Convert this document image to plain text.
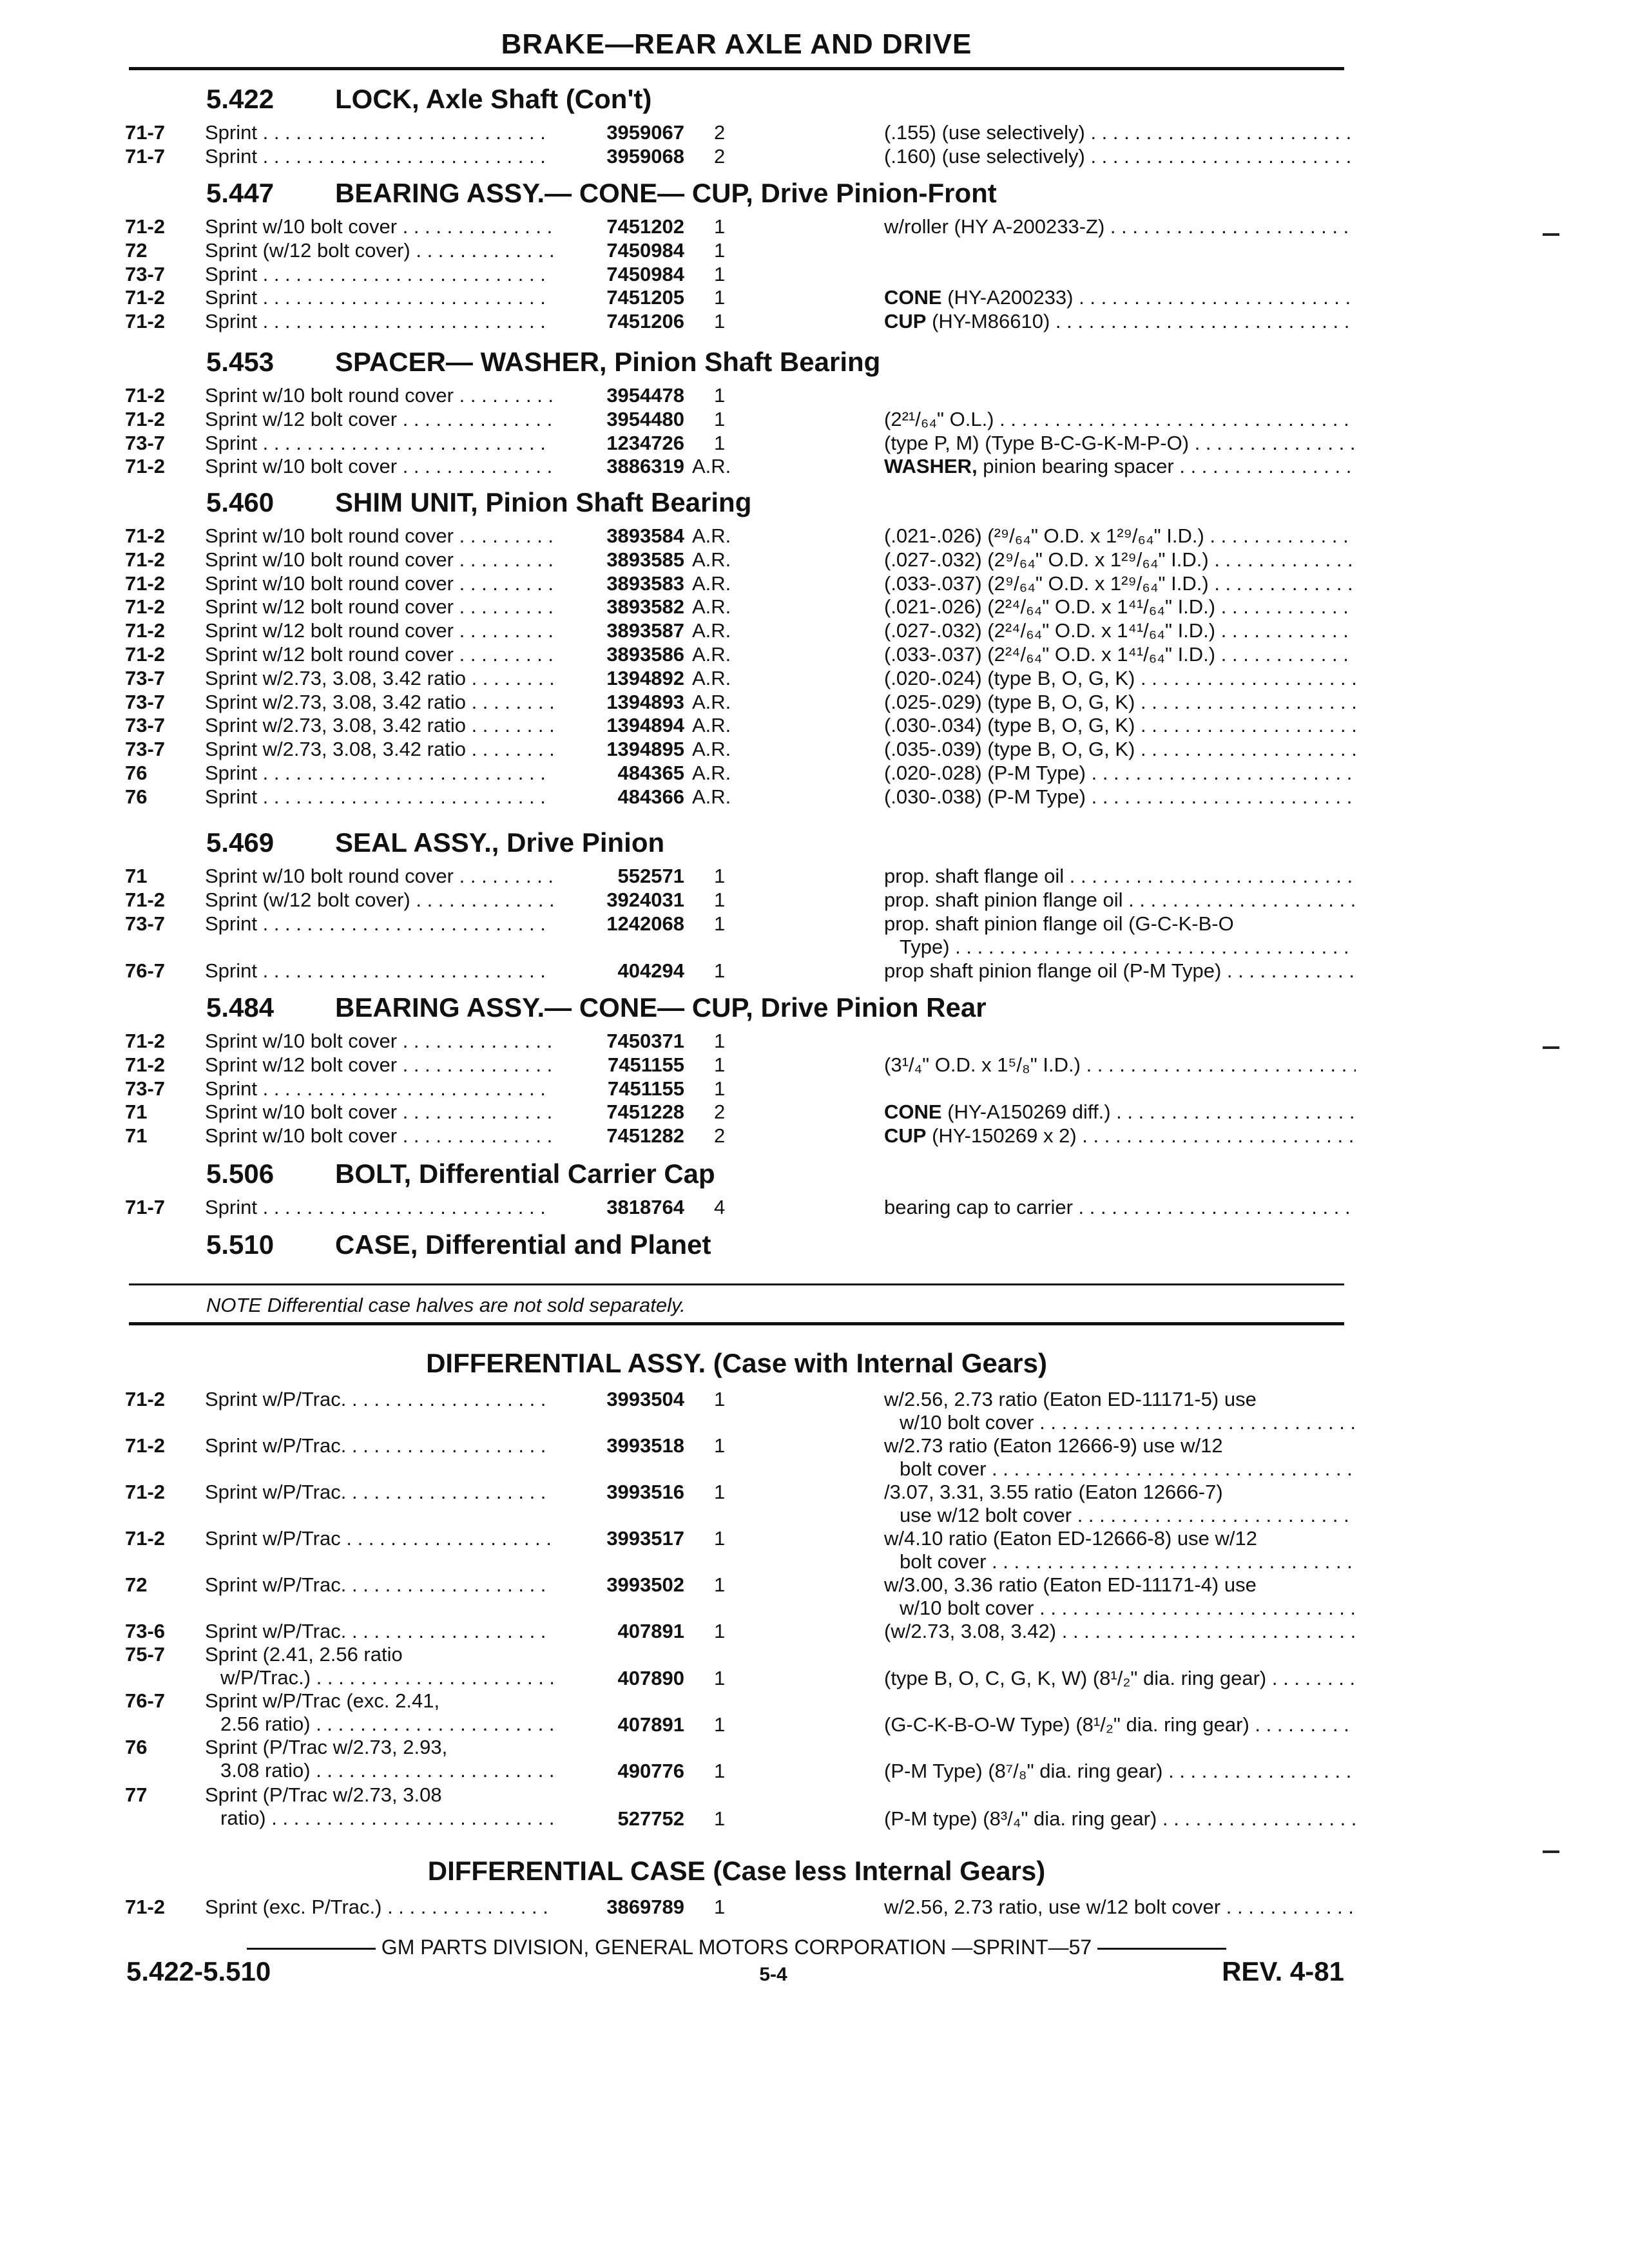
BRAKE—REAR AXLE AND DRIVE
5.422 LOCK, Axle Shaft (Con't)
71-7	Sprint . . .	3959067	2	(.155) (use selectively) . . .
71-7	Sprint . . .	3959068	2	(.160) (use selectively) . . .
5.447 BEARING ASSY.— CONE— CUP, Drive Pinion-Front
71-2	Sprint w/10 bolt cover . . .	7451202	1	w/roller (HY A-200233-Z) . . .
72	Sprint (w/12 bolt cover) . . .	7450984	1
73-7	Sprint . . .	7450984	1
71-2	Sprint . . .	7451205	1	CONE (HY-A200233) . . .
71-2	Sprint . . .	7451206	1	CUP (HY-M86610) . . .
5.453 SPACER— WASHER, Pinion Shaft Bearing
71-2	Sprint w/10 bolt round cover . . .	3954478	1
71-2	Sprint w/12 bolt cover . . .	3954480	1	(2²¹/₆₄" O.L.) . . .
73-7	Sprint . . .	1234726	1	(type P, M) (Type B-C-G-K-M-P-O) . . .
71-2	Sprint w/10 bolt cover . . .	3886319 A.R.	WASHER, pinion bearing spacer . . .
5.460 SHIM UNIT, Pinion Shaft Bearing
71-2	Sprint w/10 bolt round cover . . .	3893584 A.R.	(.021-.026) (²⁹/₆₄" O.D. x 1²⁹/₆₄" I.D.) . . .
71-2	Sprint w/10 bolt round cover . . .	3893585 A.R.	(.027-.032) (2⁹/₆₄" O.D. x 1²⁹/₆₄" I.D.) . . .
71-2	Sprint w/10 bolt round cover . . .	3893583 A.R.	(.033-.037) (2⁹/₆₄" O.D. x 1²⁹/₆₄" I.D.) . . .
71-2	Sprint w/12 bolt round cover . . .	3893582 A.R.	(.021-.026) (2²⁴/₆₄" O.D. x 1⁴¹/₆₄" I.D.) . . .
71-2	Sprint w/12 bolt round cover . . .	3893587 A.R.	(.027-.032) (2²⁴/₆₄" O.D. x 1⁴¹/₆₄" I.D.) . . .
71-2	Sprint w/12 bolt round cover . . .	3893586 A.R.	(.033-.037) (2²⁴/₆₄" O.D. x 1⁴¹/₆₄" I.D.) . . .
73-7	Sprint w/2.73, 3.08, 3.42 ratio . . .	1394892 A.R.	(.020-.024) (type B, O, G, K) . . .
73-7	Sprint w/2.73, 3.08, 3.42 ratio . . .	1394893 A.R.	(.025-.029) (type B, O, G, K) . . .
73-7	Sprint w/2.73, 3.08, 3.42 ratio . . .	1394894 A.R.	(.030-.034) (type B, O, G, K) . . .
73-7	Sprint w/2.73, 3.08, 3.42 ratio . . .	1394895 A.R.	(.035-.039) (type B, O, G, K) . . .
76	Sprint . . .	484365 A.R.	(.020-.028) (P-M Type) . . .
76	Sprint . . .	484366 A.R.	(.030-.038) (P-M Type) . . .
5.469 SEAL ASSY., Drive Pinion
71	Sprint w/10 bolt round cover . . .	552571	1	prop. shaft flange oil . . .
71-2	Sprint (w/12 bolt cover) . . .	3924031	1	prop. shaft pinion flange oil . . .
73-7	Sprint . . .	1242068	1	prop. shaft pinion flange oil (G-C-K-B-O
Type) . . .
76-7	Sprint . . .	404294	1	prop shaft pinion flange oil (P-M Type) . . .
5.484 BEARING ASSY.— CONE— CUP, Drive Pinion Rear
71-2	Sprint w/10 bolt cover . . .	7450371	1
71-2	Sprint w/12 bolt cover . . .	7451155	1	(3¹/₄" O.D. x 1⁵/₈" I.D.) . . .
73-7	Sprint . . .	7451155	1
71	Sprint w/10 bolt cover . . .	7451228	2	CONE (HY-A150269 diff.) . . .
71	Sprint w/10 bolt cover . . .	7451282	2	CUP (HY-150269 x 2) . . .
5.506 BOLT, Differential Carrier Cap
71-7	Sprint . . .	3818764	4	bearing cap to carrier . . .
5.510 CASE, Differential and Planet
DIFFERENTIAL ASSY. (Case with Internal Gears)
71-2	Sprint w/P/Trac. . . .	3993504	1	w/2.56, 2.73 ratio (Eaton ED-11171-5) use
w/10 bolt cover . . .
71-2	Sprint w/P/Trac. . . .	3993518	1	w/2.73 ratio (Eaton 12666-9) use w/12
bolt cover . . .
71-2	Sprint w/P/Trac. . . .	3993516	1	/3.07, 3.31, 3.55 ratio (Eaton 12666-7)
use w/12 bolt cover . . .
71-2	Sprint w/P/Trac . . .	3993517	1	w/4.10 ratio (Eaton ED-12666-8) use w/12
bolt cover . . .
72	Sprint w/P/Trac. . . .	3993502	1	w/3.00, 3.36 ratio (Eaton ED-11171-4) use
w/10 bolt cover . . .
73-6	Sprint w/P/Trac. . . .	407891	1	(w/2.73, 3.08, 3.42) . . .
75-7	Sprint (2.41, 2.56 ratio
w/P/Trac.) . . .	407890	1	(type B, O, C, G, K, W) (8¹/₂" dia. ring gear) . . .
76-7	Sprint w/P/Trac (exc. 2.41,
2.56 ratio) . . .	407891	1	(G-C-K-B-O-W Type) (8¹/₂" dia. ring gear) . . .
76	Sprint (P/Trac w/2.73, 2.93,
3.08 ratio) . . .	490776	1	(P-M Type) (8⁷/₈" dia. ring gear) . . .
77	Sprint (P/Trac w/2.73, 3.08
ratio) . . .	527752	1	(P-M type) (8³/₄" dia. ring gear) . . .
DIFFERENTIAL CASE (Case less Internal Gears)
71-2	Sprint (exc. P/Trac.) . . .	3869789	1	w/2.56, 2.73 ratio, use w/12 bolt cover . . .
NOTE Differential case halves are not sold separately.
GM PARTS DIVISION, GENERAL MOTORS CORPORATION —SPRINT—57
5.422-5.510	5-4	REV. 4-81
